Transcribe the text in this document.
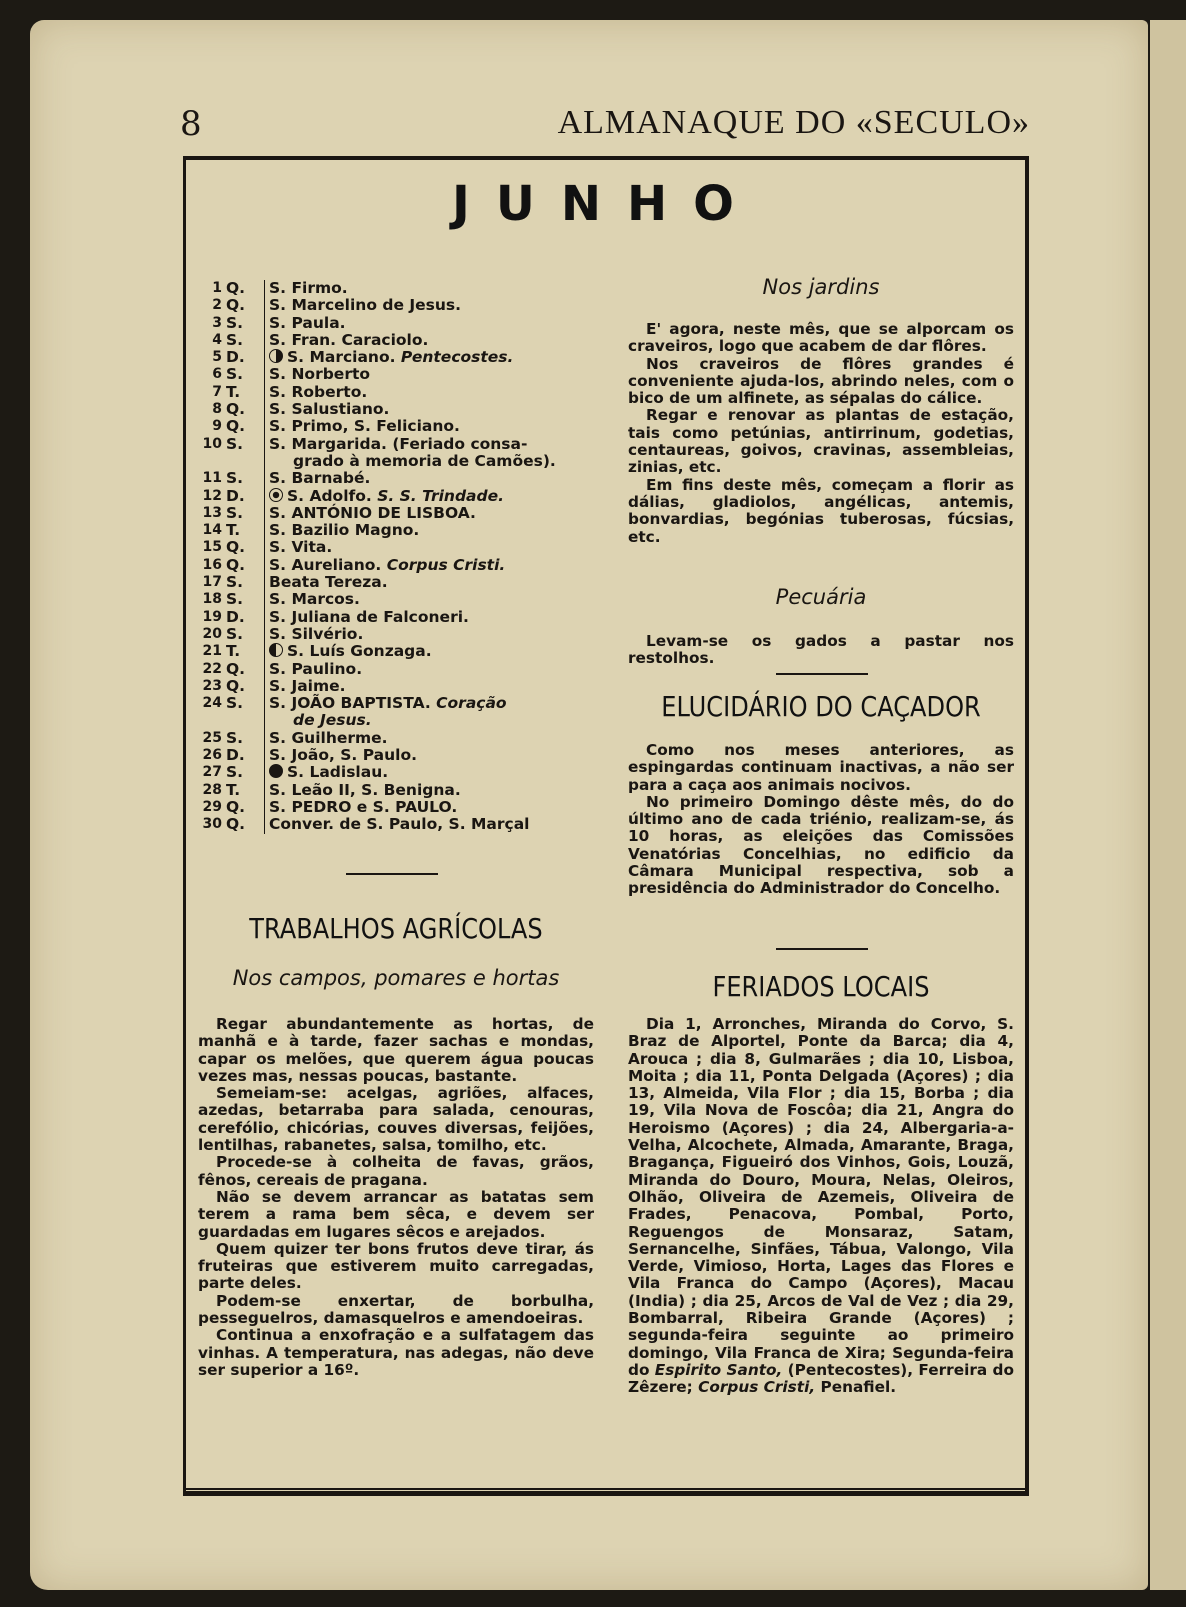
8	ALMANAQUE DO «SECULO»
JUNHO
1 Q.	S. Firmo.
2 Q.	S. Marcelino de Jesus.
3 S.	S. Paula.
4 S.	S. Fran. Caraciolo.
5 D.	S. Marciano. Pentecostes.
6 S.	S. Norberto
7 T.	S. Roberto.
8 Q.	S. Salustiano.
9 Q.	S. Primo, S. Feliciano.
10 S.	S. Margarida. (Feriado consa-
grado à memoria de Camões).
11 S.	S. Barnabé.
12 D.	S. Adolfo. S. S. Trindade.
13 S.	S. ANTÓNIO DE LISBOA.
14 T.	S. Bazilio Magno.
15 Q.	S. Vita.
16 Q.	S. Aureliano. Corpus Cristi.
17 S.	Beata Tereza.
18 S.	S. Marcos.
19 D.	S. Juliana de Falconeri.
20 S.	S. Silvério.
21 T.	S. Luís Gonzaga.
22 Q.	S. Paulino.
23 Q.	S. Jaime.
24 S.	S. JOÃO BAPTISTA. Coração
de Jesus.
25 S.	S. Guilherme.
26 D.	S. João, S. Paulo.
27 S.	S. Ladislau.
28 T.	S. Leão II, S. Benigna.
29 Q.	S. PEDRO e S. PAULO.
30 Q.	Conver. de S. Paulo, S. Marçal
TRABALHOS AGRÍCOLAS
Nos campos, pomares e hortas

Regar abundantemente as hortas, de manhã e à tarde, fazer sachas e mondas, capar os melões, que querem água poucas vezes mas, nessas poucas, bastante.

Semeiam-se: acelgas, agriões, alfaces, azedas, betarraba para salada, cenouras, cerefólio, chicórias, couves diversas, feijões, lentilhas, rabanetes, salsa, tomilho, etc.

Procede-se à colheita de favas, grãos, fênos, cereais de pragana.

Não se devem arrancar as batatas sem terem a rama bem sêca, e devem ser guardadas em lugares sêcos e arejados.

Quem quizer ter bons frutos deve tirar, ás fruteiras que estiverem muito carregadas, parte deles.

Podem-se enxertar, de borbulha, pesseguelros, damasquelros e amendoeiras.

Continua a enxofração e a sulfatagem das vinhas. A temperatura, nas adegas, não deve ser superior a 16º.

Nos jardins

E' agora, neste mês, que se alporcam os craveiros, logo que acabem de dar flôres.

Nos craveiros de flôres grandes é conveniente ajuda-los, abrindo neles, com o bico de um alfinete, as sépalas do cálice.

Regar e renovar as plantas de estação, tais como petúnias, antirrinum, godetias, centaureas, goivos, cravinas, assembleias, zinias, etc.

Em fins deste mês, começam a florir as dálias, gladiolos, angélicas, antemis, bonvardias, begónias tuberosas, fúcsias, etc.

Pecuária

Levam-se os gados a pastar nos restolhos.

ELUCIDÁRIO DO CAÇADOR

Como nos meses anteriores, as espingardas continuam inactivas, a não ser para a caça aos animais nocivos.

No primeiro Domingo dêste mês, do do último ano de cada triénio, realizam-se, ás 10 horas, as eleições das Comissões Venatórias Concelhias, no edificio da Câmara Municipal respectiva, sob a presidência do Administrador do Concelho.

FERIADOS LOCAIS

Dia 1, Arronches, Miranda do Corvo, S. Braz de Alportel, Ponte da Barca; dia 4, Arouca ; dia 8, Gulmarães ; dia 10, Lisboa, Moita ; dia 11, Ponta Delgada (Açores) ; dia 13, Almeida, Vila Flor ; dia 15, Borba ; dia 19, Vila Nova de Foscôa; dia 21, Angra do Heroismo (Açores) ; dia 24, Albergaria-a-Velha, Alcochete, Almada, Amarante, Braga, Bragança, Figueiró dos Vinhos, Gois, Louzã, Miranda do Douro, Moura, Nelas, Oleiros, Olhão, Oliveira de Azemeis, Oliveira de Frades, Penacova, Pombal, Porto, Reguengos de Monsaraz, Satam, Sernancelhe, Sinfães, Tábua, Valongo, Vila Verde, Vimioso, Horta, Lages das Flores e Vila Franca do Campo (Açores), Macau (India) ; dia 25, Arcos de Val de Vez ; dia 29, Bombarral, Ribeira Grande (Açores) ; segunda-feira seguinte ao primeiro domingo, Vila Franca de Xira; Segunda-feira do Espirito Santo, (Pentecostes), Ferreira do Zêzere; Corpus Cristi, Penafiel.
